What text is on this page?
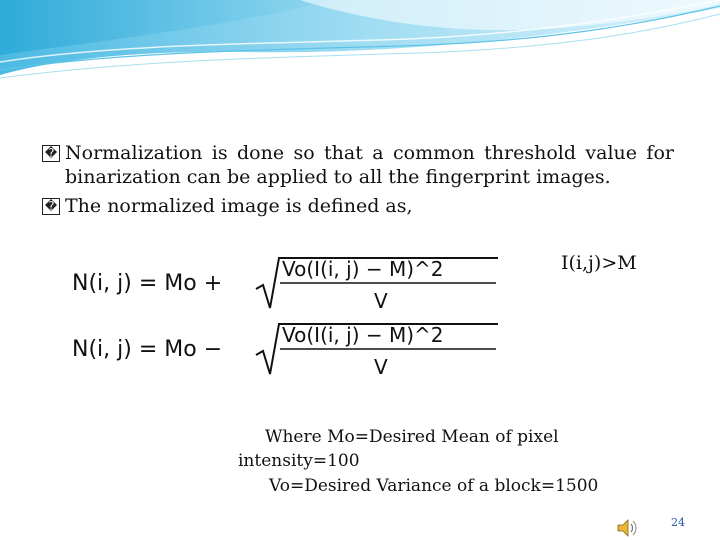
� Normalization is done so that a common threshold value for binarization can be applied to all the fingerprint images.
� The normalized image is defined as,
N(i, j) = Mo +
Vo(I(i, j) − M)^2
V
I(i,j)>M
N(i, j) = Mo −
Vo(I(i, j) − M)^2
V
Where Mo=Desired Mean of pixel
intensity=100
Vo=Desired Variance of a block=1500
24
